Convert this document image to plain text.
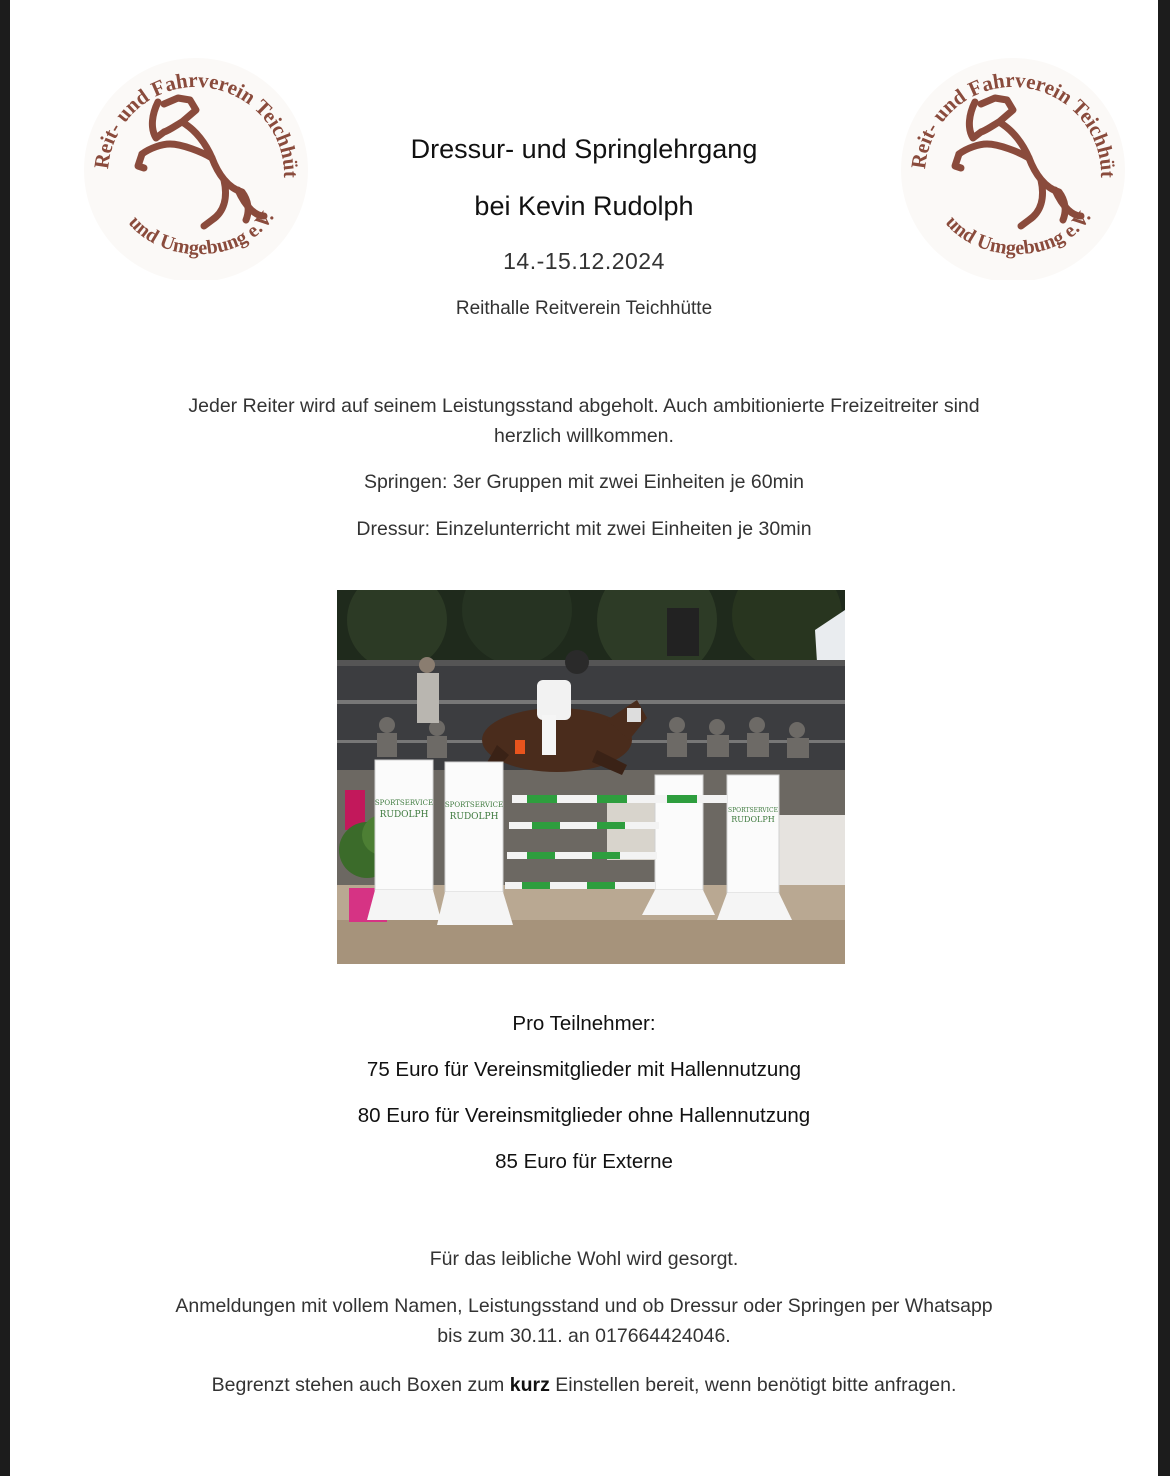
Reit- und Fahrverein Teichhüt
und Umgebung e.V.
Reit- und Fahrverein Teichhüt
und Umgebung e.V.
Dressur- und Springlehrgang
bei Kevin Rudolph
14.-15.12.2024
Reithalle Reitverein Teichhütte
Jeder Reiter wird auf seinem Leistungsstand abgeholt. Auch ambitionierte Freizeitreiter sind
herzlich willkommen.
Springen: 3er Gruppen mit zwei Einheiten je 60min
Dressur: Einzelunterricht mit zwei Einheiten je 30min
SPORTSERVICE
RUDOLPH
SPORTSERVICE
RUDOLPH
SPORTSERVICE
RUDOLPH
Pro Teilnehmer:
75 Euro für Vereinsmitglieder mit Hallennutzung
80 Euro für Vereinsmitglieder ohne Hallennutzung
85 Euro für Externe
Für das leibliche Wohl wird gesorgt.
Anmeldungen mit vollem Namen, Leistungsstand und ob Dressur oder Springen per Whatsapp
bis zum 30.11. an 017664424046.
Begrenzt stehen auch Boxen zum kurz Einstellen bereit, wenn benötigt bitte anfragen.
